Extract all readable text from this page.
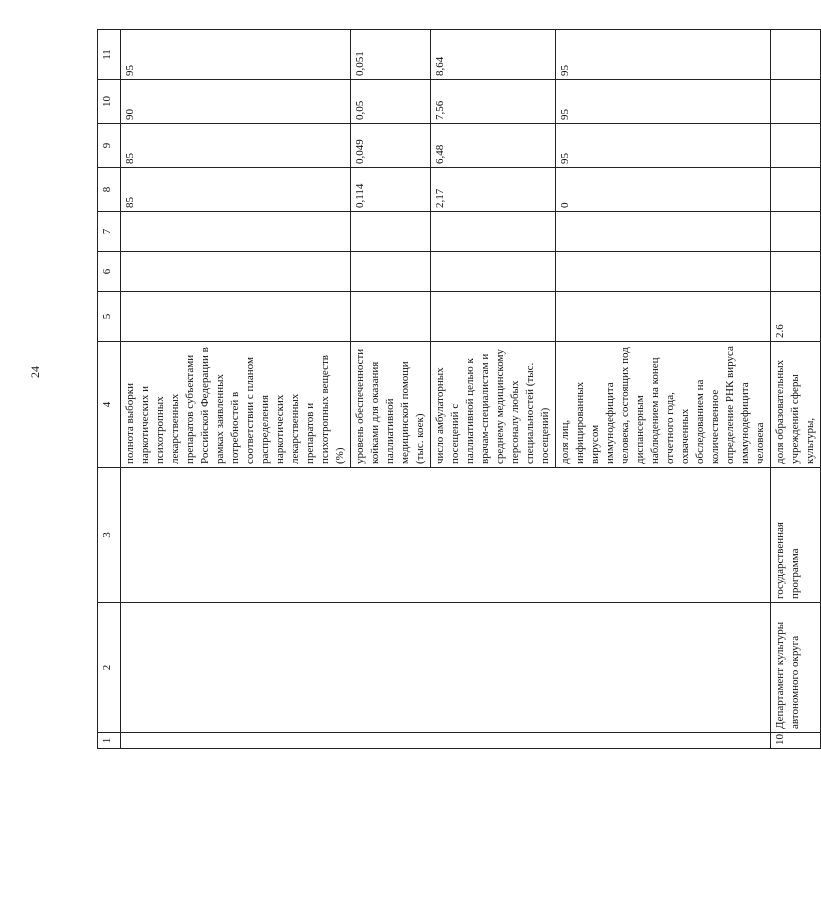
24
1	2	3	4	5	6	7	8	9	10	11
			полнота выборки наркотических и психотропных лекарственных препаратов субъектами Российской Федерации в рамках заявленных потребностей в соответствии с планом распределения наркотических лекарственных препаратов и психотропных веществ (%)				85	85	90	95
			уровень обеспеченности койками для оказания паллиативной медицинской помощи (тыс. коек)				0,114	0,049	0,05	0,051
			число амбулаторных посещений с паллиативной целью к врачам-специалистам и среднему медицинскому персоналу любых специальностей (тыс. посещений)				2,17	6,48	7,56	8,64
			доля лиц, инфицированных вирусом иммунодефицита человека, состоящих под диспансерным наблюдением на конец отчетного года, охваченных обследованием на количественное определение РНК вируса иммунодефицита человека				0	95	95	95
10.	Департамент культуры автономного округа	государственная программа	доля образовательных учреждений сферы культуры,	2.6						
